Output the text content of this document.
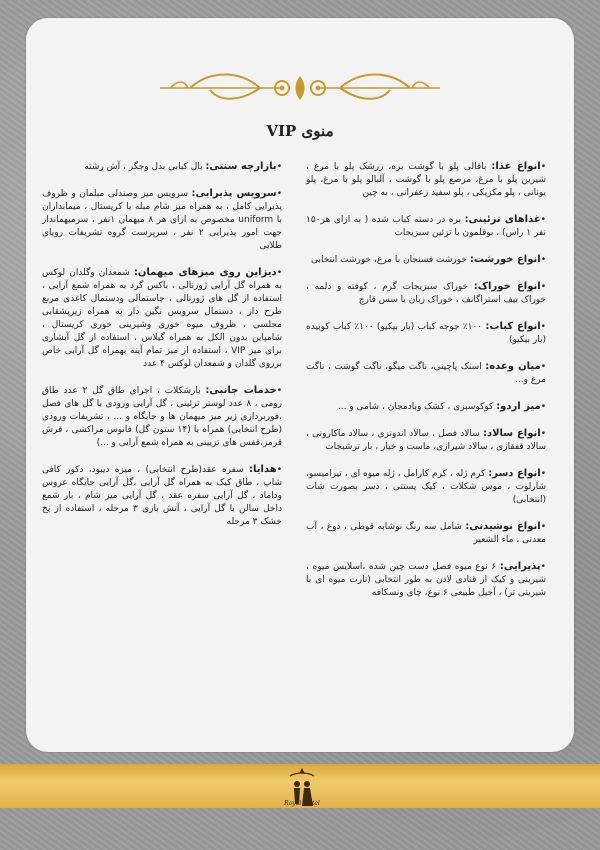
منوی VIP
•انواع غذا: باقالی پلو با گوشت بره، زرشک پلو با مرغ ، شیرین پلو با مرغ، مرصع پلو با گوشت ، آلبالو پلو با مرغ، پلو یونانی ، پلو مکزیکی ، پلو سفید زعفرانی ، به چین
•غذاهای تزئینی: بره در دسته کباب شده ( به ازای هر۱۵۰ نفر ۱ راس) ، بوقلمون با تزئین سبزیجات
•انواع خورشت: خورشت فسنجان با مرغ، خورشت انتخابی
•انواع خوراک: خوراک سبزیجات گرم ، کوفته و دلمه ، خوراک بیف استراگانف ، خوراک زبان با سس قارچ
•انواع کباب: ۱۰۰٪ جوجه کباب (بار بیکیو) ۱۰۰٪ کباب کوبیده (بار بیکیو)
•میان وعده: اسنک پاچینی، ناگت میگو، ناگت گوشت ، ناگت مرغ و...
•میز اردو: کوکوسبزی ، کشک وبادمجان ، شامی و ...
•انواع سالاد: سالاد فصل ، سالاد اندونزی ، سالاد ماکارونی ، سالاد قفقازی ، سالاد شیرازی، ماست و خیار ، بار ترشیجات
•انواع دسر: کرم ژله ، کرم کارامل ، ژله میوه ای ، تیرامیسو، شارلوت ، موس شکلات ، کیک پستتی ، دسر بصورت شات (انتخابی)
•انواع نوشیدنی: شامل سه رنگ نوشابه قوطی ، دوغ ، آب معدنی ، ماء الشعیر
•پذیرایی: ۶ نوع میوه فصل دست چین شده ،اسلایس میوه ، شیرینی و کیک از قنادی لادن به طور انتخابی (تارت میوه ای با شیرینی تر) ، آجیل طبیعی ۶ نوع، چای ونسکافه
•بازارچه سنتی: بال کبابی بدل وجگر ، آش رشته
•سرویس پذیرایی: سرویس میز وصندلی مبلمان و ظروف پذیرایی کامل ، به همراه میز شام مبله با کریستال ، میمانداران با uniform مخصوص به ازای هر ۸ میهمان ۱نفر ، سرمیهماندار جهت امور پذیرایی ۲ نفر ، سرپرست گروه تشریفات رویای طلایی
•دیزاین روی میزهای میهمان: شمعدان وگلدان لوکس به همراه گل آرایی ژورنالی ، باکس گرد به همراه شمع آرایی ، استفاده از گل های ژورنالی ، جاستمالی ودستمال کاغذی مربع طرح دار ، دستمال سرویس نگین دار به همراه زیرپشقابی مجلسی ، ظروف میوه خوری وشیرینی خوری کریستال ، شامپاین بدون الکل به همراه گیلاس ، استفاده از گل آبشاری برای میز VIP ، استفاده از میز تمام آینه بهمراه گل آرایی خاص برروی گلدان و شمعدان لوکس ۴ عدد
•خدمات جانبی: بارشکلات ، اجرای طاق گل ۲ عدد طاق رومی ، ۸ عدد لوستر تزئینی ، گل آرایی ورودی با گل های فصل ،فوربردازی زیر میز میهمان ها و جایگاه و ... ، تشریفات ورودی (طرح انتخابی) همراه با (۱۴ ستون گل) فانوس مراکشی ، فرش قرمز،قفس های تزیینی به همراه شمع آرایی و ...)
•هدایا: سفره عقد(طرح انتخابی) ، میزه دیبود، دکور کافی شاپ ، طاق کیک به همراه گل آرایی ،گل آرایی جایگاه عروس وداماد ، گل آرایی سفره عقد ، گل آرایی میز شام ، بار شمع داخل سالن با گل آرایی ، آتش بازی ۳ مرحله ، استفاده از یخ خشک ۳ مرحله
Royal Hotel
